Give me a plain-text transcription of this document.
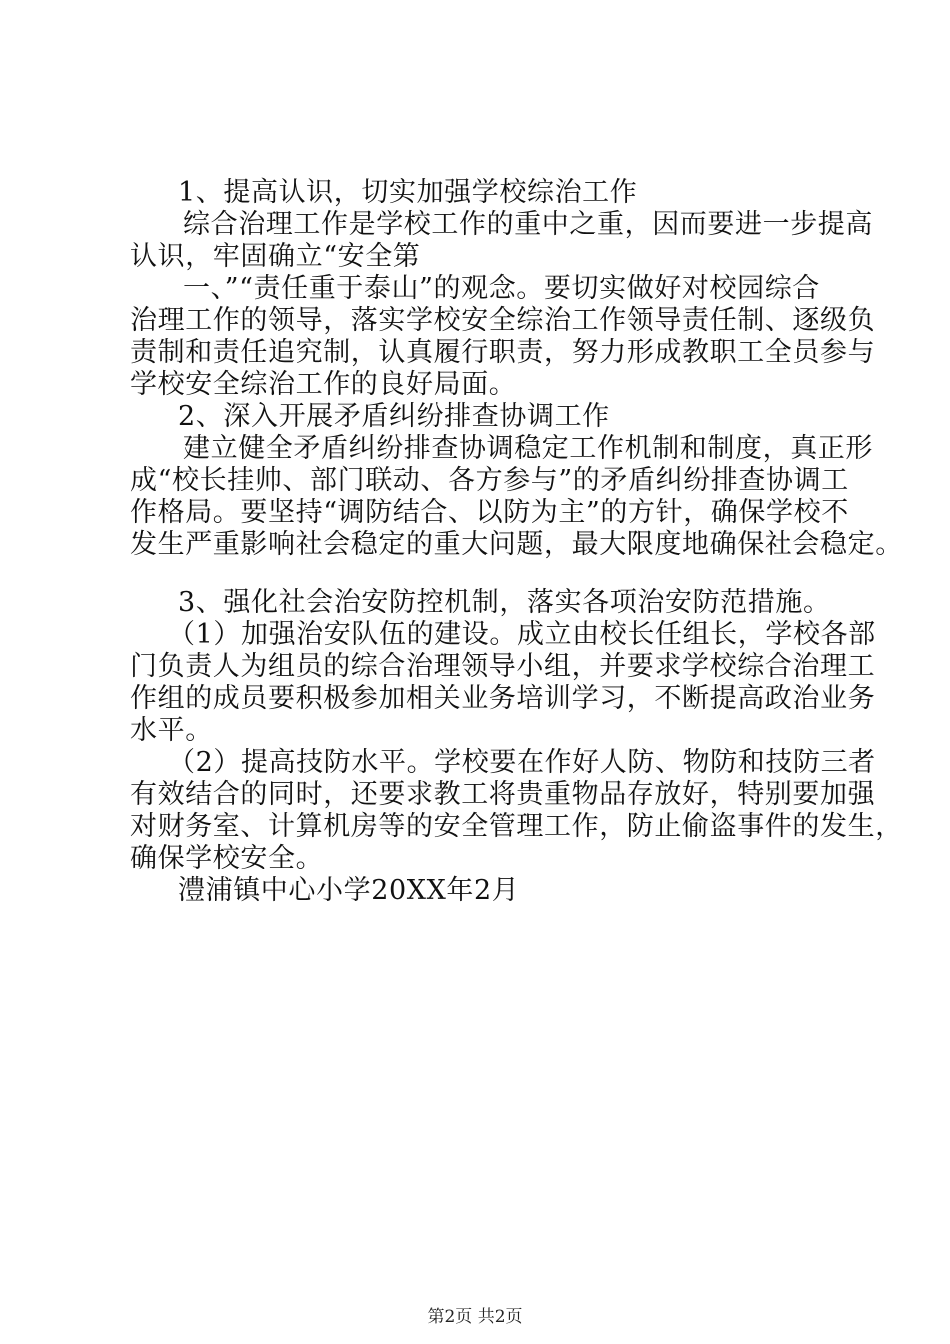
1、提高认识，切实加强学校综治工作
综合治理工作是学校工作的重中之重，因而要进一步提高
认识，牢固确立“安全第
一、”“责任重于泰山”的观念。要切实做好对校园综合
治理工作的领导，落实学校安全综治工作领导责任制、逐级负
责制和责任追究制，认真履行职责，努力形成教职工全员参与
学校安全综治工作的良好局面。
2、深入开展矛盾纠纷排查协调工作
建立健全矛盾纠纷排查协调稳定工作机制和制度，真正形
成“校长挂帅、部门联动、各方参与”的矛盾纠纷排查协调工
作格局。要坚持“调防结合、以防为主”的方针，确保学校不
发生严重影响社会稳定的重大问题，最大限度地确保社会稳定。
3、强化社会治安防控机制，落实各项治安防范措施。
（1）加强治安队伍的建设。成立由校长任组长，学校各部
门负责人为组员的综合治理领导小组，并要求学校综合治理工
作组的成员要积极参加相关业务培训学习，不断提高政治业务
水平。
（2）提高技防水平。学校要在作好人防、物防和技防三者
有效结合的同时，还要求教工将贵重物品存放好，特别要加强
对财务室、计算机房等的安全管理工作，防止偷盗事件的发生，
确保学校安全。
澧浦镇中心小学20XX年2月
第2页 共2页
